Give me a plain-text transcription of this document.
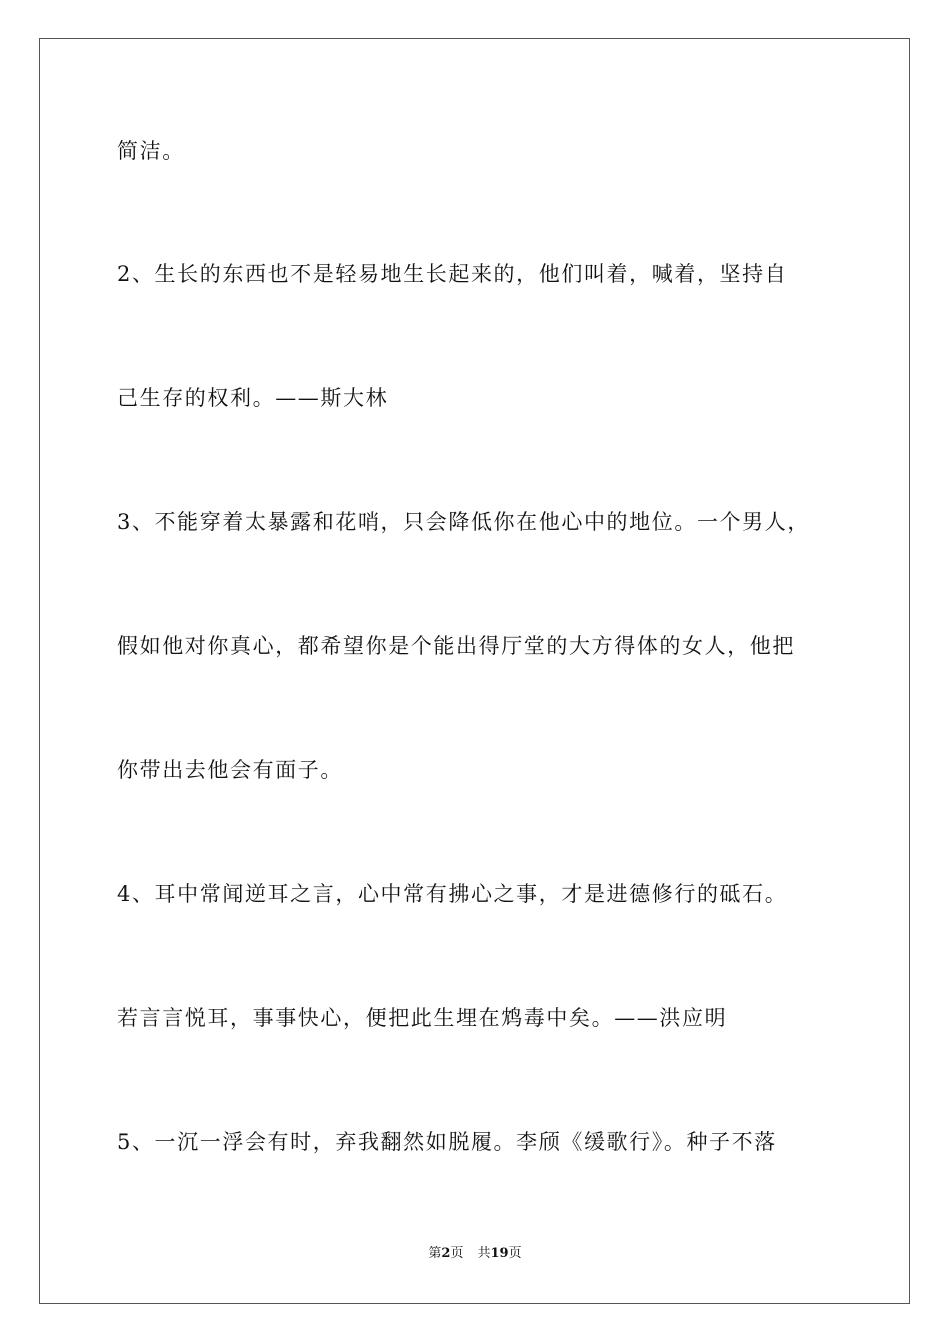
简洁。
2、生长的东西也不是轻易地生长起来的，他们叫着，喊着，坚持自
己生存的权利。——斯大林
3、不能穿着太暴露和花哨，只会降低你在他心中的地位。一个男人，
假如他对你真心，都希望你是个能出得厅堂的大方得体的女人，他把
你带出去他会有面子。
4、耳中常闻逆耳之言，心中常有拂心之事，才是进德修行的砥石。
若言言悦耳，事事快心，便把此生埋在鸩毒中矣。——洪应明
5、一沉一浮会有时，弃我翻然如脱履。李颀《缓歌行》。种子不落
第2页 共19页
